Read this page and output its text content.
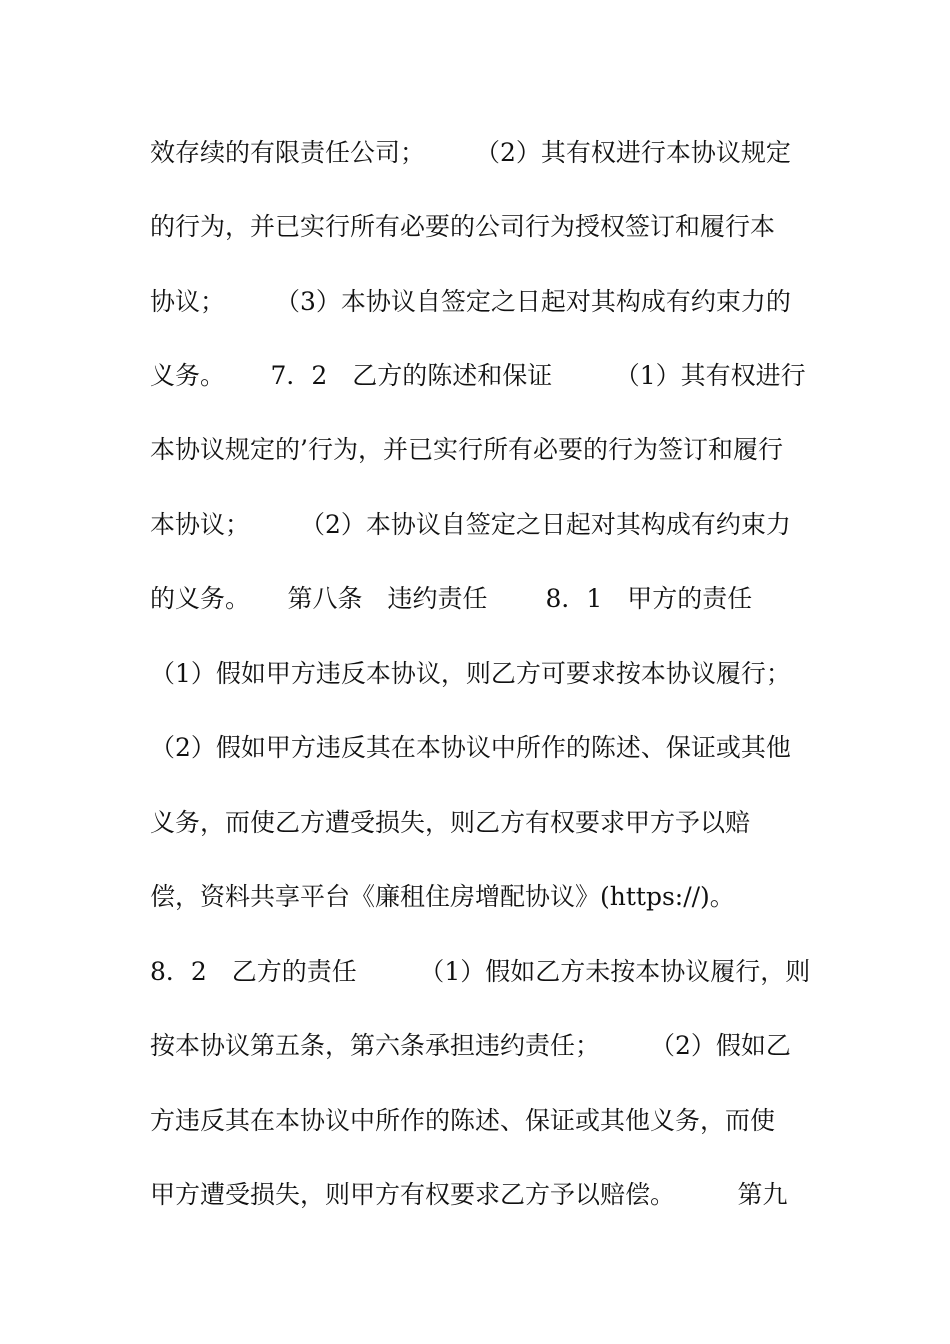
效存续的有限责任公司；　　　（2）其有权进行本协议规定

的行为，并已实行所有必要的公司行为授权签订和履行本

协议；　　　（3）本协议自签定之日起对其构成有约束力的

义务。　　 7．2　乙方的陈述和保证　　　（1）其有权进行

本协议规定的’行为，并已实行所有必要的行为签订和履行

本协议；　　　（2）本协议自签定之日起对其构成有约束力

的义务。　　第八条　违约责任　　 8．1　甲方的责任

（1）假如甲方违反本协议，则乙方可要求按本协议履行；

（2）假如甲方违反其在本协议中所作的陈述、保证或其他

义务，而使乙方遭受损失，则乙方有权要求甲方予以赔

偿，资料共享平台《廉租住房增配协议》(https://)。

8．2　乙方的责任　　　（1）假如乙方未按本协议履行，则

按本协议第五条，第六条承担违约责任；　　　（2）假如乙

方违反其在本协议中所作的陈述、保证或其他义务，而使

甲方遭受损失，则甲方有权要求乙方予以赔偿。　　　第九
